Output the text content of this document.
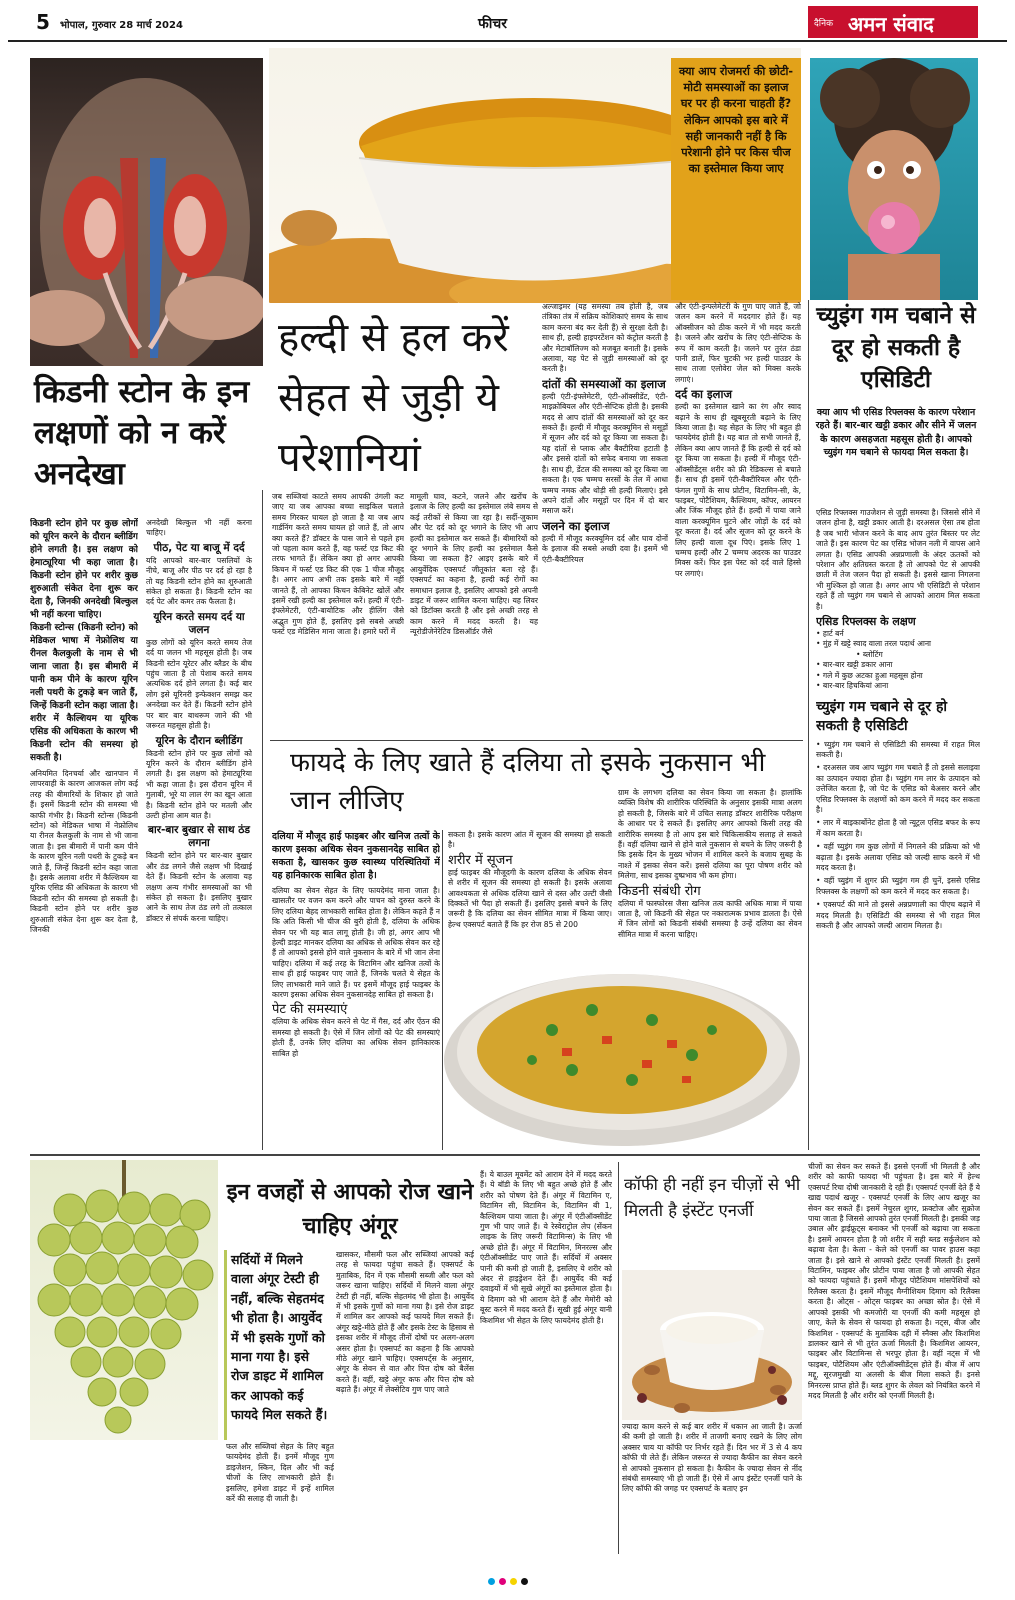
5 भोपाल, गुरुवार 28 मार्च 2024	फीचर	दैनिक अमन संवाद
किडनी स्टोन के इन लक्षणों को न करें अनदेखा

किडनी स्टोन होने पर कुछ लोगों को यूरिन करने के दौरान ब्लीडिंग होने लगती है। इस लक्षण को हेमाट्यूरिया भी कहा जाता है। किडनी स्टोन होने पर शरीर कुछ शुरुआती संकेत देना शुरू कर देता है, जिनकी अनदेखी बिल्कुल भी नहीं करना चाहिए।

किडनी स्टोन्स (किडनी स्टोन) को मेडिकल भाषा में नेफ्रोलिथ या रीनल कैलकुली के नाम से भी जाना जाता है। इस बीमारी में पानी कम पीने के कारण यूरिन नली पथरी के टुकड़े बन जाते हैं, जिन्हें किडनी स्टोन कहा जाता है। शरीर में कैल्शियम या यूरिक एसिड की अधिकता के कारण भी किडनी स्टोन की समस्या हो सकती है।

अनियमित दिनचर्या और खानपान में लापरवाही के कारण आजकल लोग कई तरह की बीमारियों के शिकार हो जाते हैं। इसमें किडनी स्टोन की समस्या भी काफी गंभीर है। किडनी स्टोन्स (किडनी स्टोन) को मेडिकल भाषा में नेफ्रोलिथ या रीनल कैलकुली के नाम से भी जाना जाता है। इस बीमारी में पानी कम पीने के कारण यूरिन नली पथरी के टुकड़े बन जाते हैं, जिन्हें किडनी स्टोन कहा जाता है। इसके अलावा शरीर में कैल्शियम या यूरिक एसिड की अधिकता के कारण भी किडनी स्टोन की समस्या हो सकती है। किडनी स्टोन होने पर शरीर कुछ शुरुआती संकेत देना शुरू कर देता है, जिनकी

अनदेखी बिल्कुल भी नहीं करना चाहिए।

पीठ, पेट या बाजू में दर्द

यदि आपको बार-बार पसलियों के नीचे, बाजू और पीठ पर दर्द हो रहा है तो यह किडनी स्टोन होने का शुरुआती संकेत हो सकता है। किडनी स्टोन का दर्द पेट और कमर तक फैलता है।

यूरिन करते समय दर्द या जलन

कुछ लोगों को यूरिन करते समय तेज दर्द या जलन भी महसूस होती है। जब किडनी स्टोन यूरेटर और ब्लैडर के बीच पहुंच जाता है तो पेशाब करते समय अत्यधिक दर्द होने लगता है। कई बार लोग इसे यूरिनरी इन्फेक्शन समझ कर अनदेखा कर देते हैं। किडनी स्टोन होने पर बार बार बाथरूम जाने की भी जरूरत महसूस होती है।

यूरिन के दौरान ब्लीडिंग

किडनी स्टोन होने पर कुछ लोगों को यूरिन करने के दौरान ब्लीडिंग होने लगती है। इस लक्षण को हेमाट्यूरिया भी कहा जाता है। इस दौरान यूरिन में गुलाबी, भूरे या लाल रंग का खून आता है। किडनी स्टोन होने पर मतली और उल्टी होना आम बात है।

बार-बार बुखार से साथ ठंड लगना

किडनी स्टोन होने पर बार-बार बुखार और ठंड लगने जैसे लक्षण भी दिखाई देते हैं। किडनी स्टोन के अलावा यह लक्षण अन्य गंभीर समस्याओं का भी संकेत हो सकता है। इसलिए बुखार आने के साथ तेज ठंड लगे तो तत्काल डॉक्टर से संपर्क करना चाहिए।

क्या आप रोजमर्रा की छोटी-मोटी समस्याओं का इलाज घर पर ही करना चाहती हैं? लेकिन आपको इस बारे में सही जानकारी नहीं है कि परेशानी होने पर किस चीज का इस्तेमाल किया जाए
हल्दी से हल करें सेहत से जुड़ी ये परेशानियां

जब सब्जियां काटते समय आपकी उंगली कट जाए या जब आपका बच्चा साइकिल चलाते समय गिरकर घायल हो जाता है या जब आप गार्डनिंग करते समय घायल हो जाते हैं, तो आप क्या करते हैं? डॉक्टर के पास जाने से पहले हम जो पहला काम करते हैं, वह फर्स्ट एड किट की तरफ भागते हैं। लेकिन क्या हो अगर आपकी किचन में फर्स्ट एड किट की एक 1 चीज मौजूद है। अगर आप अभी तक इसके बारे में नहीं जानते हैं, तो आपका किचन केबिनेट खोलें और इसमें रखी हल्दी का इस्तेमाल करें। हल्दी में एंटी-इंफ्लेमेटरी, एंटी-बायोटिक और हीलिंग जैसे अद्भुत गुण होते हैं, इसलिए इसे सबसे अच्छी फर्स्ट एड मेडिसिन माना जाता है। हमारे घरों में

मामूली घाव, कटने, जलने और खरोंच के इलाज के लिए हल्दी का इस्तेमाल लंबे समय से कई तरीकों से किया जा रहा है। सर्दी-जुकाम और पेट दर्द को दूर भगाने के लिए भी आप हल्दी का इस्तेमाल कर सकते हैं। बीमारियों को दूर भगाने के लिए हल्दी का इस्तेमाल कैसे किया जा सकता है? आइए इसके बारे में आयुर्वेदिक एक्सपर्ट जीतूकांत बता रहे हैं। एक्सपर्ट का कहना है, हल्दी कई रोगों का समाधान इलाज है, इसलिए आपको इसे अपनी डाइट में जरूर शामिल करना चाहिए। यह लिवर को डिटॉक्स करती है और इसे अच्छी तरह से काम करने में मदद करती है। यह न्यूरोडीजेनेरेटिव डिसऑर्डर जैसे

अल्जाइमर (यह समस्या तब होती है, जब तंत्रिका तंत्र में सक्रिय कोशिकाएं समय के साथ काम करना बंद कर देती हैं) से सुरक्षा देती है। साथ ही, हल्दी हाइपरटेंशन को कंट्रोल करती है और मेटाबॉलिज्म को मजबूत बनाती है। इसके अलावा, यह पेट से जुड़ी समस्याओं को दूर करती है।

दांतों की समस्याओं का इलाज

हल्दी एंटी-इंफ्लेमेटरी, एंटी-ऑक्सीडेंट, एंटी-माइक्रोबियल और एंटी-सेप्टिक होती है। इसकी मदद से आप दांतों की समस्याओं को दूर कर सकते हैं। हल्दी में मौजूद करक्यूमिन से मसूड़ों में सूजन और दर्द को दूर किया जा सकता है। यह दांतों से प्लाक और बैक्टीरिया हटाती है और इससे दांतों को सफेद बनाया जा सकता है। साथ ही, डेंटल की समस्या को दूर किया जा सकता है। एक चम्मच सरसों के तेल में आधा चम्मच नमक और थोड़ी सी हल्दी मिलाएं। इसे अपने दांतों और मसूड़ों पर दिन में दो बार मसाज करें।

जलने का इलाज

हल्दी में मौजूद करक्यूमिन दर्द और घाव दोनों के इलाज की सबसे अच्छी दवा है। इसमें भी एंटी-बैक्टीरियल

और एंटी-इन्फ्लेमेटरी के गुण पाए जाते हैं, जो जलन कम करने में मददगार होते हैं। यह ऑक्सीजन को ठीक करने में भी मदद करती है। जलने और खरोंच के लिए एंटी-सेप्टिक के रूप में काम करती है। जलने पर तुरंत ठंडा पानी डालें, फिर चुटकी भर हल्दी पाउडर के साथ ताजा एलोवेरा जेल को मिक्स करके लगाएं।

दर्द का इलाज

हल्दी का इस्तेमाल खाने का रंग और स्वाद बढ़ाने के साथ ही खूबसूरती बढ़ाने के लिए किया जाता है। यह सेहत के लिए भी बहुत ही फायदेमंद होती है। यह बात तो सभी जानते हैं, लेकिन क्या आप जानते हैं कि हल्दी से दर्द को दूर किया जा सकता है। हल्दी में मौजूद एंटी-ऑक्सीडेंट्स शरीर को फ्री रेडिकल्स से बचाते हैं। साथ ही इसमें एंटी-बैक्टीरियल और एंटी-फंगल गुणों के साथ प्रोटीन, विटामिन-सी, के, फाइबर, पोटैशियम, कैल्शियम, कॉपर, आयरन और जिंक मौजूद होते हैं। हल्दी में पाया जाने वाला करक्यूमिन घुटने और जोड़ों के दर्द को दूर करता है। दर्द और सूजन को दूर करने के लिए हल्दी वाला दूध पिएं। इसके लिए 1 चम्मच हल्दी और 2 चम्मच अदरक का पाउडर मिक्स करें। फिर इस पेस्ट को दर्द वाले हिस्से पर लगाएं।

च्युइंग गम चबाने से दूर हो सकती है एसिडिटी
क्या आप भी एसिड रिफ्लक्स के कारण परेशान रहते हैं। बार-बार खट्टी डकार और सीने में जलन के कारण असहजता महसूस होती है। आपको च्युइंग गम चबाने से फायदा मिल सकता है।

एसिड रिफ्लक्स गाउजेशन से जुड़ी समस्या है। जिससे सीने में जलन होना है, खट्टी डकार आती है। दरअसल ऐसा तब होता है जब भारी भोजन करने के बाद आप तुरंत बिस्तर पर लेट जाते हैं। इस कारण पेट का एसिड भोजन नली में वापस आने लगता है। एसिड आपकी अन्नप्रणाली के अंदर ऊतकों को परेशान और क्षतिग्रस्त करता है तो आपको पेट से आपकी छाती में तेज जलन पैदा हो सकती है। इससे खाना निगलना भी मुश्किल हो जाता है। अगर आप भी एसिडिटी से परेशान रहते हैं तो च्युइंग गम चबाने से आपको आराम मिल सकता है।

एसिड रिफ्लक्स के लक्षण
• हार्ट बर्न
• मुंह में खट्टे स्वाद वाला तरल पदार्थ आना
• ब्लोटिंग
• बार-बार खट्टी डकार आना
• गले में कुछ अटका हुआ महसूस होना
• बार-बार हिचकियां आना
च्युइंग गम चबाने से दूर हो सकती है एसिडिटी
• च्युइंग गम चबाने से एसिडिटी की समस्या में राहत मिल सकती है।
• दरअसल जब आप च्युइंग गम चबाते हैं तो इससे सलाइवा का उत्पादन ज्यादा होता है। च्युइंग गम लार के उत्पादन को उत्तेजित करता है, जो पेट के एसिड को बेअसर करने और एसिड रिफ्लक्स के लक्षणों को कम करने में मदद कर सकता है।
• लार में बाइकार्बोनेट होता है जो न्यूट्रल एसिड बफर के रूप में काम करता है।
• वहीं च्युइंग गम कुछ लोगों में निगलने की प्रक्रिया को भी बढ़ाता है। इसके अलावा एसिड को जल्दी साफ करने में भी मदद करता है।
• वहीं च्युइंग में शुगर फ्री च्युइंग गम ही चुनें, इससे एसिड रिफ्लक्स के लक्षणों को कम करने में मदद कर सकता है।
• एक्सपर्ट की माने तो इससे अन्नप्रणाली का पीएच बढ़ाने में मदद मिलती है। एसिडिटी की समस्या से भी राहत मिल सकती है और आपको जल्दी आराम मिलता है।
फायदे के लिए खाते हैं दलिया तो इसके नुकसान भी जान लीजिए

दलिया में मौजूद हाई फाइबर और खनिज तत्वों के कारण इसका अधिक सेवन नुकसानदेह साबित हो सकता है, खासकर कुछ स्वास्थ्य परिस्थितियों में यह हानिकारक साबित होता है।

दलिया का सेवन सेहत के लिए फायदेमंद माना जाता है। खासतौर पर वजन कम करने और पाचन को दुरुस्त करने के लिए दलिया बेहद लाभकारी साबित होता है। लेकिन कहते हैं न कि अति किसी भी चीज की बुरी होती है, दलिया के अधिक सेवन पर भी यह बात लागू होती है। जी हां, अगर आप भी हेल्दी डाइट मानकर दलिया का अधिक से अधिक सेवन कर रहे हैं तो आपको इससे होने वाले नुकसान के बारे में भी जान लेना चाहिए। दलिया में कई तरह के विटामिन और खनिज तत्वों के साथ ही हाई फाइबर पाए जाते हैं, जिनके चलते ये सेहत के लिए लाभकारी माने जाते हैं। पर इसमें मौजूद हाई फाइबर के कारण इसका अधिक सेवन नुकसानदेह साबित हो सकता है।

पेट की समस्याएं

दलिया के अधिक सेवन करने से पेट में गैस, दर्द और ऐंठन की समस्या हो सकती है। ऐसे में जिन लोगों को पेट की समस्याएं होती हैं, उनके लिए दलिया का अधिक सेवन हानिकारक साबित हो

सकता है। इसके कारण आंत में सूजन की समस्या हो सकती है।

शरीर में सूजन

हाई फाइबर की मौजूदगी के कारण दलिया के अधिक सेवन से शरीर में सूजन की समस्या हो सकती है। इसके अलावा आवश्यकता से अधिक दलिया खाने से दस्त और उल्टी जैसी दिक्कतें भी पैदा हो सकती हैं। इसलिए इससे बचने के लिए जरूरी है कि दलिया का सेवन सीमित मात्रा में किया जाए। हेल्थ एक्सपर्ट बताते हैं कि हर रोज 85 से 200

ग्राम के लगभग दलिया का सेवन किया जा सकता है। हालांकि व्यक्ति विशेष की शारीरिक परिस्थिति के अनुसार इसकी मात्रा अलग हो सकती है, जिसके बारे में उचित सलाह डॉक्टर शारीरिक परीक्षण के आधार पर दे सकते हैं। इसलिए अगर आपको किसी तरह की शारीरिक समस्या है तो आप इस बारे चिकित्सकीय सलाह ले सकते हैं। वहीं दलिया खाने से होने वाले नुकसान से बचने के लिए जरूरी है कि इसके दिन के मुख्य भोजन में शामिल करने के बजाय सुबह के नाश्ते में इसका सेवन करें। इससे दलिया का पूरा पोषण शरीर को मिलेगा, साथ इसका दुष्प्रभाव भी कम होगा।

किडनी संबंधी रोग

दलिया में फास्फोरस जैसा खनिज तत्व काफी अधिक मात्रा में पाया जाता है, जो किडनी की सेहत पर नकारात्मक प्रभाव डालता है। ऐसे में जिन लोगों को किडनी संबंधी समस्या है उन्हें दलिया का सेवन सीमित मात्रा में करना चाहिए।

इन वजहों से आपको रोज खाने चाहिए अंगूर
सर्दियों में मिलने वाला अंगूर टेस्टी ही नहीं, बल्कि सेहतमंद भी होता है। आयुर्वेद में भी इसके गुणों को माना गया है। इसे रोज डाइट में शामिल कर आपको कई फायदे मिल सकते हैं।

फल और सब्जियां सेहत के लिए बहुत फायदेमंद होती हैं। इनमें मौजूद गुण डाइजेशन, स्किन, दिल और भी कई चीजों के लिए लाभकारी होते हैं। इसलिए, हमेशा डाइट में इन्हें शामिल करें की सलाह दी जाती है।

खासकर, मौसमी फल और सब्जियां आपको कई तरह से फायदा पहुंचा सकते हैं। एक्सपर्ट के मुताबिक, दिन में एक मौसमी सब्जी और फल को जरूर खाना चाहिए। सर्दियों में मिलने वाला अंगूर टेस्टी ही नहीं, बल्कि सेहतमंद भी होता है। आयुर्वेद में भी इसके गुणों को माना गया है। इसे रोज डाइट में शामिल कर आपको कई फायदे मिल सकते हैं। अंगूर खट्टे-मीठे होते हैं और इसके टेस्ट के हिसाब से इसका शरीर में मौजूद तीनों दोषों पर अलग-अलग असर होता है। एक्सपर्ट का कहना है कि आपको मीठे अंगूर खाने चाहिए। एक्सपर्ट्स के अनुसार, अंगूर के सेवन से वात और पित्त दोष को बैलेंस करते हैं। वहीं, खट्टे अंगूर कफ और पित्त दोष को बढ़ाते हैं। अंगूर में लेक्सेटिव गुण पाए जाते

हैं। ये बाउल मूवमेंट को आराम देने में मदद करते हैं। ये बॉडी के लिए भी बहुत अच्छे होते हैं और शरीर को पोषण देते हैं। अंगूर में विटामिन ए, विटामिन सी, विटामिन के, विटामिन बी 1, कैल्शियम पाया जाता है। अंगूर में एंटीऑक्सीडेंट गुण भी पाए जाते हैं। ये रेस्वेराट्रोल लेप (सेंकन लाइक के लिए जरूरी विटामिन्स) के लिए भी अच्छे होते हैं। अंगूर में विटामिन, मिनरल्स और एंटीऑक्सीडेंट पाए जाते हैं। सर्दियों में अक्सर पानी की कमी हो जाती है, इसलिए ये शरीर को अंदर से हाइड्रेशन देते हैं। आयुर्वेद की कई दवाइयों में भी सूखे अंगूरों का इस्तेमाल होता है। ये दिमाग को भी आराम देते हैं और मेमोरी को बूस्ट करने में मदद करते हैं। सूखी हुई अंगूर यानी किशमिश भी सेहत के लिए फायदेमंद होती है।

कॉफी ही नहीं इन चीज़ों से भी मिलती है इंस्टेंट एनर्जी

ज्यादा काम करने से कई बार शरीर में थकान आ जाती है। ऊर्जा की कमी हो जाती है। शरीर में ताजगी बनाए रखने के लिए लोग अक्सर चाय या कॉफी पर निर्भर रहते हैं। दिन भर में 3 से 4 कप कॉफी पी लेते हैं। लेकिन जरूरत से ज्यादा कैफीन का सेवन करने से आपको नुकसान हो सकता है। कैफीन के ज्यादा सेवन से नींद संबंधी समस्याएं भी हो जाती हैं। ऐसे में आप इंस्टेंट एनर्जी पाने के लिए कॉफी की जगह पर एक्सपर्ट के बताए इन

चीजों का सेवन कर सकते हैं। इससे एनर्जी भी मिलती है और शरीर को काफी फायदा भी पहुंचता है। इस बारे में हेल्थ एक्सपर्ट रिचा दोषी जानकारी दे रही हैं। एक्सपर्ट एनर्जी देते हैं ये खाद्य पदार्थ खजूर - एक्सपर्ट एनर्जी के लिए आप खजूर का सेवन कर सकते हैं। इसमें नेचुरल शुगर, फ्रक्टोज और सुक्रोज पाया जाता है जिससे आपको तुरंत एनर्जी मिलती है। इसकी जड़ उबाल और ड्राईफ्रूट्स बनाकर भी एनर्जी को बढ़ाया जा सकता है। इसमें आयरन होता है जो शरीर में सही ब्लड सर्कुलेशन को बढ़ावा देता है। केला - केले को एनर्जी का पावर हाउस कहा जाता है। इसे खाने से आपको इंस्टेंट एनर्जी मिलती है। इसमें विटामिन, फाइबर और प्रोटीन पाया जाता है जो आपकी सेहत को फायदा पहुंचाते हैं। इसमें मौजूद पोटैशियम मांसपेशियों को रिलैक्स करता है। इसमें मौजूद मैग्नीशियम दिमाग को रिलैक्स करता है। ओट्स - ओट्स फाइबर का अच्छा स्रोत है। ऐसे में आपको इसकी भी कमजोरी या एनर्जी की कमी महसूस हो जाए, केले के सेवन से फायदा हो सकता है। नट्स, बीज और किशमिश - एक्सपर्ट के मुताबिक दही में स्नैक्स और किशमिश डालकर खाने से भी तुरंत ऊर्जा मिलती है। किशमिश आयरन, फाइबर और विटामिन्स से भरपूर होता है। वहीं नट्स में भी फाइबर, पोटैशियम और एंटीऑक्सीडेंट्स होते हैं। बीज में आप मद्दू, सूरजमुखी या अलसी के बीज मिला सकते हैं। इनसे मिनरल्स प्राप्त होते हैं। ब्लड शुगर के लेवल को नियंत्रित करने में मदद मिलती है और शरीर को एनर्जी मिलती है।
